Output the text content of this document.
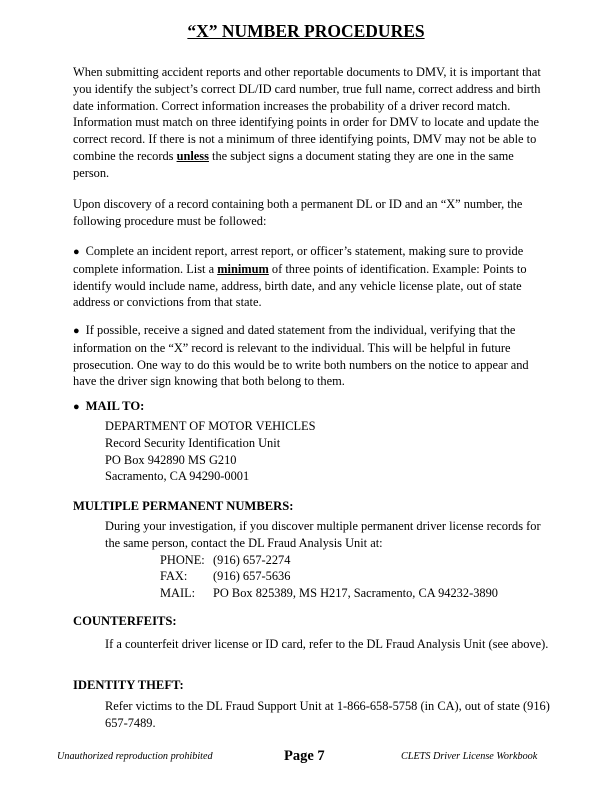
“X” NUMBER PROCEDURES
When submitting accident reports and other reportable documents to DMV, it is important that you identify the subject’s correct DL/ID card number, true full name, correct address and birth date information. Correct information increases the probability of a driver record match. Information must match on three identifying points in order for DMV to locate and update the correct record. If there is not a minimum of three identifying points, DMV may not be able to combine the records unless the subject signs a document stating they are one in the same person.
Upon discovery of a record containing both a permanent DL or ID and an “X” number, the following procedure must be followed:
● Complete an incident report, arrest report, or officer’s statement, making sure to provide complete information. List a minimum of three points of identification. Example: Points to identify would include name, address, birth date, and any vehicle license plate, out of state address or convictions from that state.
● If possible, receive a signed and dated statement from the individual, verifying that the information on the “X” record is relevant to the individual. This will be helpful in future prosecution. One way to do this would be to write both numbers on the notice to appear and have the driver sign knowing that both belong to them.
● MAIL TO:
DEPARTMENT OF MOTOR VEHICLES
Record Security Identification Unit
PO Box 942890 MS G210
Sacramento, CA 94290-0001
MULTIPLE PERMANENT NUMBERS:
During your investigation, if you discover multiple permanent driver license records for the same person, contact the DL Fraud Analysis Unit at:
PHONE: (916) 657-2274
FAX: (916) 657-5636
MAIL: PO Box 825389, MS H217, Sacramento, CA 94232-3890
COUNTERFEITS:
If a counterfeit driver license or ID card, refer to the DL Fraud Analysis Unit (see above).
IDENTITY THEFT:
Refer victims to the DL Fraud Support Unit at 1-866-658-5758 (in CA), out of state (916) 657-7489.
Unauthorized reproduction prohibited	Page 7	CLETS Driver License Workbook
